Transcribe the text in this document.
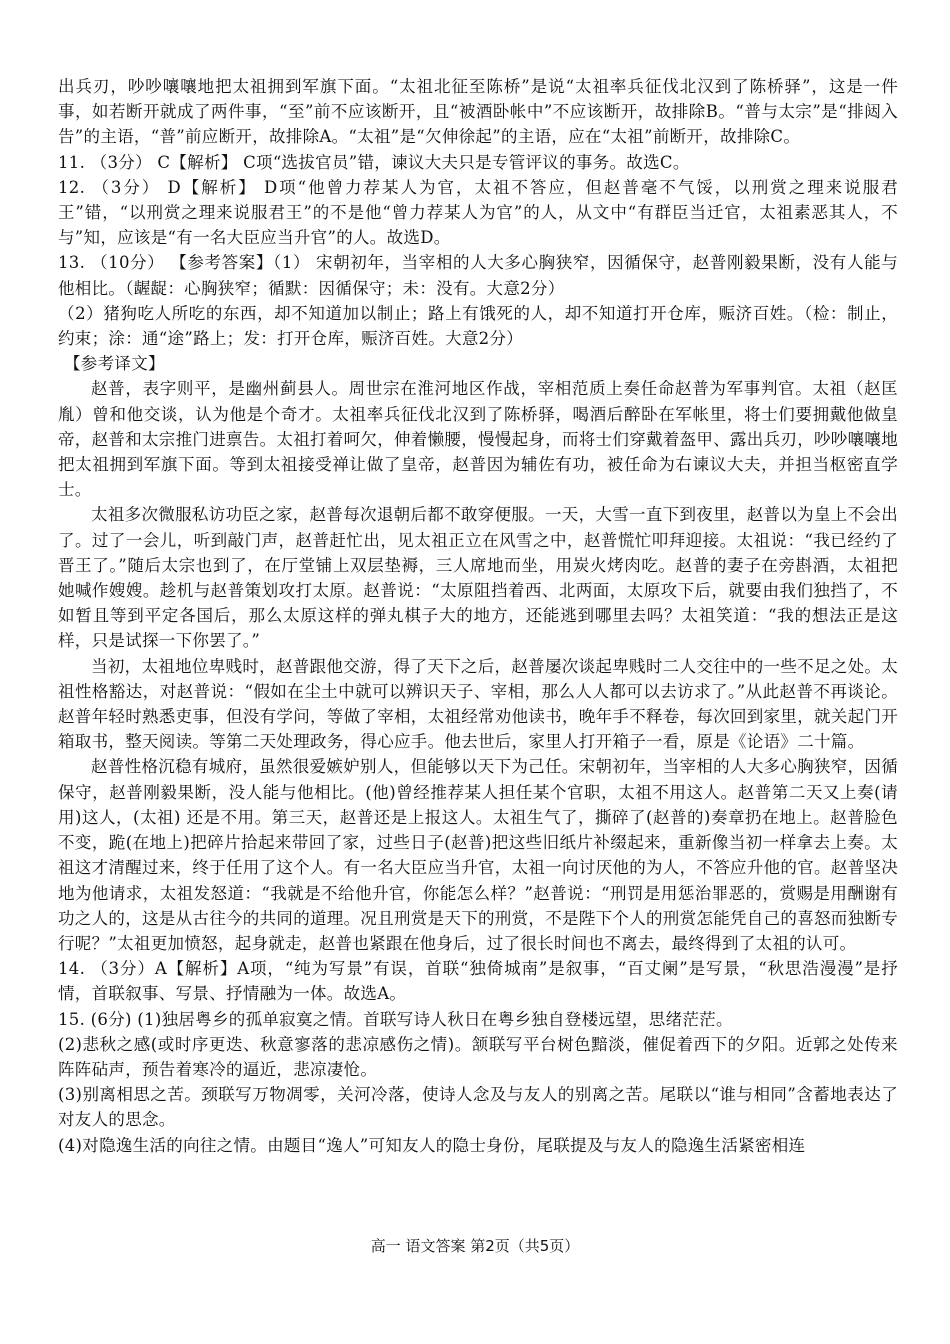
出兵刃，吵吵嚷嚷地把太祖拥到军旗下面。“太祖北征至陈桥”是说“太祖率兵征伐北汉到了陈桥驿”，这是一件事，如若断开就成了两件事，“至”前不应该断开，且“被酒卧帐中”不应该断开，故排除B。“普与太宗”是“排闼入告”的主语，“普”前应断开，故排除A。“太祖”是“欠伸徐起”的主语，应在“太祖”前断开，故排除C。

11. （3分） C【解析】 C项“选拔官员”错，谏议大夫只是专管评议的事务。故选C。

12. （3分） D【解析】 D项“他曾力荐某人为官，太祖不答应，但赵普毫不气馁，以刑赏之理来说服君王”错，“以刑赏之理来说服君王”的不是他“曾力荐某人为官”的人，从文中“有群臣当迁官，太祖素恶其人，不与”知，应该是“有一名大臣应当升官”的人。故选D。

13. （10分） 【参考答案】（1） 宋朝初年，当宰相的人大多心胸狭窄，因循保守，赵普刚毅果断，没有人能与他相比。（龌龊：心胸狭窄；循默：因循保守；未：没有。大意2分）

（2）猪狗吃人所吃的东西，却不知道加以制止；路上有饿死的人，却不知道打开仓库，赈济百姓。（检：制止，约束；涂：通“途”路上；发：打开仓库，赈济百姓。大意2分）

【参考译文】

赵普，表字则平，是幽州蓟县人。周世宗在淮河地区作战，宰相范质上奏任命赵普为军事判官。太祖（赵匡胤）曾和他交谈，认为他是个奇才。太祖率兵征伐北汉到了陈桥驿，喝酒后醉卧在军帐里，将士们要拥戴他做皇帝，赵普和太宗推门进禀告。太祖打着呵欠，伸着懒腰，慢慢起身，而将士们穿戴着盔甲、露出兵刃，吵吵嚷嚷地把太祖拥到军旗下面。等到太祖接受禅让做了皇帝，赵普因为辅佐有功，被任命为右谏议大夫，并担当枢密直学士。

太祖多次微服私访功臣之家，赵普每次退朝后都不敢穿便服。一天，大雪一直下到夜里，赵普以为皇上不会出了。过了一会儿，听到敲门声，赵普赶忙出，见太祖正立在风雪之中，赵普慌忙叩拜迎接。太祖说：“我已经约了晋王了。”随后太宗也到了，在厅堂铺上双层垫褥，三人席地而坐，用炭火烤肉吃。赵普的妻子在旁斟酒，太祖把她喊作嫂嫂。趁机与赵普策划攻打太原。赵普说：“太原阻挡着西、北两面，太原攻下后，就要由我们独挡了，不如暂且等到平定各国后，那么太原这样的弹丸棋子大的地方，还能逃到哪里去吗？太祖笑道：“我的想法正是这样，只是试探一下你罢了。”

当初，太祖地位卑贱时，赵普跟他交游，得了天下之后，赵普屡次谈起卑贱时二人交往中的一些不足之处。太祖性格豁达，对赵普说：“假如在尘土中就可以辨识天子、宰相，那么人人都可以去访求了。”从此赵普不再谈论。赵普年轻时熟悉吏事，但没有学问，等做了宰相，太祖经常劝他读书，晚年手不释卷，每次回到家里，就关起门开箱取书，整天阅读。等第二天处理政务，得心应手。他去世后，家里人打开箱子一看，原是《论语》二十篇。

赵普性格沉稳有城府，虽然很爱嫉妒别人，但能够以天下为己任。宋朝初年，当宰相的人大多心胸狭窄，因循保守，赵普刚毅果断，没人能与他相比。(他)曾经推荐某人担任某个官职，太祖不用这人。赵普第二天又上奏(请用)这人，(太祖) 还是不用。第三天，赵普还是上报这人。太祖生气了，撕碎了(赵普的)奏章扔在地上。赵普脸色不变，跪(在地上)把碎片拾起来带回了家，过些日子(赵普)把这些旧纸片补缀起来，重新像当初一样拿去上奏。太祖这才清醒过来，终于任用了这个人。有一名大臣应当升官，太祖一向讨厌他的为人，不答应升他的官。赵普坚决地为他请求，太祖发怒道：“我就是不给他升官，你能怎么样？”赵普说：“刑罚是用惩治罪恶的，赏赐是用酬谢有功之人的，这是从古往今的共同的道理。况且刑赏是天下的刑赏，不是陛下个人的刑赏怎能凭自己的喜怒而独断专行呢？”太祖更加愤怒，起身就走，赵普也紧跟在他身后，过了很长时间也不离去，最终得到了太祖的认可。

14. （3分）A【解析】A项，“纯为写景”有误，首联“独倚城南”是叙事，“百丈阑”是写景，“秋思浩漫漫”是抒情，首联叙事、写景、抒情融为一体。故选A。

15. (6分) (1)独居粤乡的孤单寂寞之情。首联写诗人秋日在粤乡独自登楼远望，思绪茫茫。

(2)悲秋之感(或时序更迭、秋意寥落的悲凉感伤之情)。颔联写平台树色黯淡，催促着西下的夕阳。近郭之处传来阵阵砧声，预告着寒冷的逼近，悲凉凄怆。

(3)别离相思之苦。颈联写万物凋零，关河冷落，使诗人念及与友人的别离之苦。尾联以“谁与相同”含蓄地表达了对友人的思念。

(4)对隐逸生活的向往之情。由题目“逸人”可知友人的隐士身份，尾联提及与友人的隐逸生活紧密相连

高一 语文答案 第2页（共5页）
